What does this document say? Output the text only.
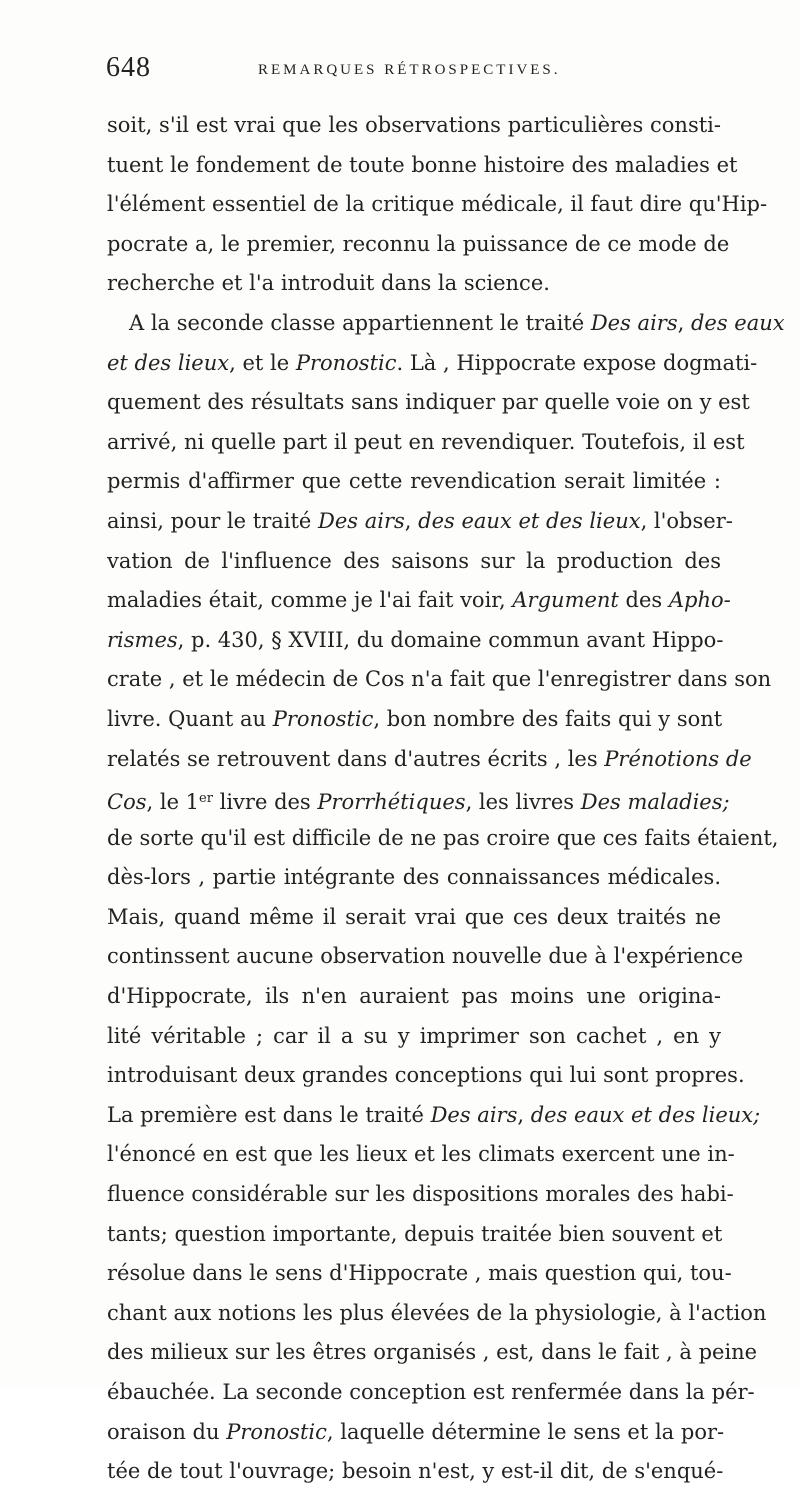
648	REMARQUES RÉTROSPECTIVES.
soit, s'il est vrai que les observations particulières consti-
tuent le fondement de toute bonne histoire des maladies et
l'élément essentiel de la critique médicale, il faut dire qu'Hip-
pocrate a, le premier, reconnu la puissance de ce mode de
recherche et l'a introduit dans la science.
A la seconde classe appartiennent le traité Des airs, des eaux
et des lieux, et le Pronostic. Là , Hippocrate expose dogmati-
quement des résultats sans indiquer par quelle voie on y est
arrivé, ni quelle part il peut en revendiquer. Toutefois, il est
permis d'affirmer que cette revendication serait limitée :
ainsi, pour le traité Des airs, des eaux et des lieux, l'obser-
vation de l'influence des saisons sur la production des
maladies était, comme je l'ai fait voir, Argument des Apho-
rismes, p. 430, § XVIII, du domaine commun avant Hippo-
crate , et le médecin de Cos n'a fait que l'enregistrer dans son
livre. Quant au Pronostic, bon nombre des faits qui y sont
relatés se retrouvent dans d'autres écrits , les Prénotions de
Cos, le 1er livre des Prorrhétiques, les livres Des maladies;
de sorte qu'il est difficile de ne pas croire que ces faits étaient,
dès-lors , partie intégrante des connaissances médicales.
Mais, quand même il serait vrai que ces deux traités ne
continssent aucune observation nouvelle due à l'expérience
d'Hippocrate, ils n'en auraient pas moins une origina-
lité véritable ; car il a su y imprimer son cachet , en y
introduisant deux grandes conceptions qui lui sont propres.
La première est dans le traité Des airs, des eaux et des lieux;
l'énoncé en est que les lieux et les climats exercent une in-
fluence considérable sur les dispositions morales des habi-
tants; question importante, depuis traitée bien souvent et
résolue dans le sens d'Hippocrate , mais question qui, tou-
chant aux notions les plus élevées de la physiologie, à l'action
des milieux sur les êtres organisés , est, dans le fait , à peine
ébauchée. La seconde conception est renfermée dans la pér-
oraison du Pronostic, laquelle détermine le sens et la por-
tée de tout l'ouvrage; besoin n'est, y est-il dit, de s'enqué-
